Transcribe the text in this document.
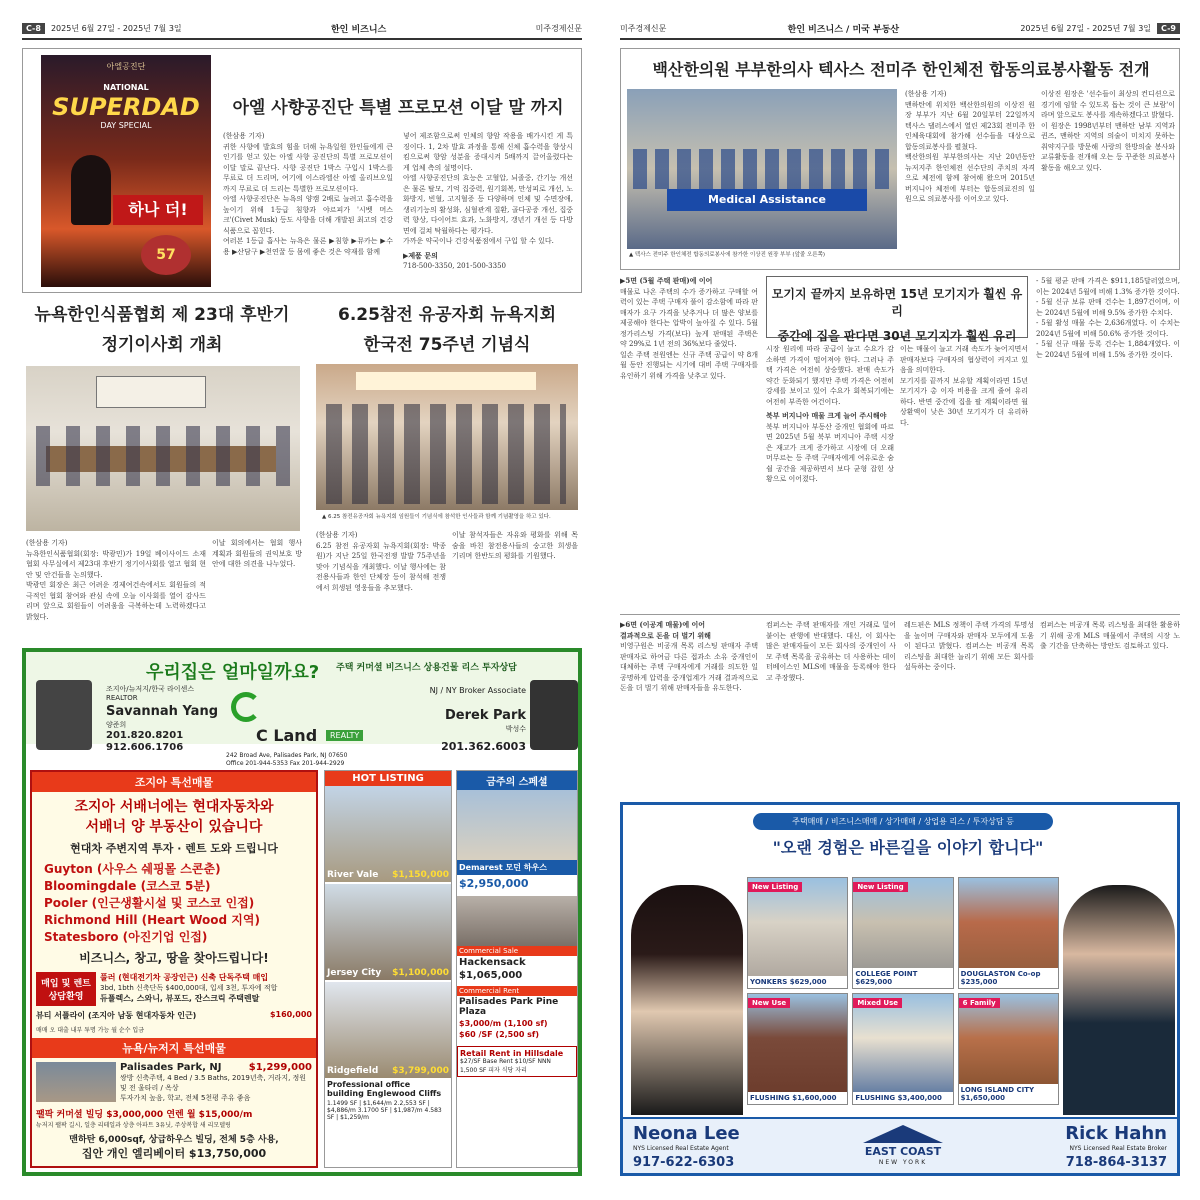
C-8	2025년 6월 27일 - 2025년 7월 3일	한인 비즈니스	미주경제신문
아엘공진단
NATIONAL
SUPERDAD
DAY SPECIAL
하나 더!
57
아엘 사향공진단 특별 프로모션 이달 말 까지

(한삼용 기자)

귀한 사향에 발효의 힘을 더해 뉴욕일원 한인들에게 큰 인기를 얻고 있는 아엘 사향 공진단의 특별 프로모션이 이달 말로 끝난다. 사향 공진단 1박스 구입시 1박스를 무료로 더 드리며, 여기에 이스라엘산 아엘 올리브오일까지 무료로 더 드리는 특별한 프로모션이다.

아엘 사향공진단은 뉴욕의 양캠 2배로 늘려고 흡수력을 높이기 위해 1등급 침향과 야르피가 '시벳 머스크'(Civet Musk) 등도 사향을 더해 개발된 최고의 건강식품으로 꼽힌다.

여러본 1등급 흡사는 뉴욕은 물론 ▶침향 ▶뮤카는 ▶수용 ▶산담구 ▶천연꿀 등 몸에 좋은 것은 약재를 함께

넣어 제조함으로써 인체의 향암 작용을 배가시킨 게 특징이다. 1, 2차 발효 과정을 통해 신체 흡수력을 향상시킴으로써 향암 성분을 증대시켜 5배까지 끌어올렸다는 게 업체 측의 설명이다.

아엘 사향공진단의 효능은 고혈압, 뇌졸중, 간기능 개선은 물론 탈모, 기억 집중력, 원기회복, 만성피로 개선, 노화방지, 빈혈, 고지혈증 등 다양하며 인체 및 수면장애, 생리기능의 활성화, 심혈관계 질환, 골다공증 개선, 집중력 향상, 다이어트 효과, 노화방지, 갱년기 개선 등 다방면에 걸쳐 탁월하다는 평가다.

가까운 약국이나 건강식품점에서 구입 할 수 있다.

▶제품 문의

718-500-3350, 201-500-3350

뉴욕한인식품협회 제 23대 후반기
정기이사회 개최

(한삼용 기자)

뉴욕한인식품협회(회장: 박광민)가 19일 베이사이드 소재 협회 사무실에서 제23대 후반기 정기이사회를 열고 협회 현안 및 안건들을 논의했다.

박광민 회장은 최근 어려운 경제여건속에서도 회원들의 적극적인 협회 참여와 관심 속에 오늘 이사회를 열어 감사드리며 앞으로 회원들이 어려움을 극복하는데 노력하겠다고 밝혔다.

이날 회의에서는 협회 행사 계획과 회원들의 권익보호 방안에 대한 의견을 나누었다.

6.25참전 유공자회 뉴욕지회
한국전 75주년 기념식
▲ 6.25 참전유공자회 뉴욕지회 임원들이 기념식에 참석한 인사들과 함께 기념촬영을 하고 있다.

(한삼용 기자)

6.25 참전 유공자회 뉴욕지회(회장: 박종원)가 지난 25일 한국전쟁 발발 75주년을 맞아 기념식을 개최했다. 이날 행사에는 참전용사들과 한인 단체장 등이 참석해 전쟁에서 희생된 영웅들을 추모했다.

이날 참석자들은 자유와 평화를 위해 목숨을 바친 참전용사들의 숭고한 희생을 기리며 한반도의 평화를 기원했다.

우리집은 얼마일까요?	주택 커머셜 비즈니스 상용건물 리스 투자상담
조지아/뉴저지/한국 라이센스 REALTOR
Savannah Yang
양준희
201.820.8201
912.606.1706
C Land	REALTY
242 Broad Ave, Palisades Park, NJ 07650
Office 201-944-5353 Fax 201-944-2929
NJ / NY Broker Associate
Derek Park
박성수
201.362.6003
조지아 특선매물
조지아 서배너에는 현대자동차와
서배너 양 부동산이 있습니다
현대차 주변지역 투자 · 렌트 도와 드립니다
Guyton (사우스 쉐핑몰 스콘춘)
Bloomingdale (코스코 5분)
Pooler (인근생활시설 및 코스코 인접)
Richmond Hill (Heart Wood 지역)
Statesboro (아진기업 인접)
비즈니스, 창고, 땅을 찾아드립니다!
매입 및 렌트 상담환영
풀러 (현대전기차 공장인근) 신축 단독주택 매입
3bd, 1bth 신축단독 $400,000대, 입세 3천, 투자에 적합
듀플렉스, 스와니, 뷰포드, 잔스크릭 주택렌탈
뷰티 서플라이 (조지아 남동 현대자동차 인근)	$160,000
매매 오 대출 내부 투명 가능 월 순수 입금
뉴욕/뉴저지 특선매물
Palisades Park, NJ	$1,299,000
쌍방 신축주택, 4 Bed / 3.5 Baths, 2019년축, 거라지, 정원 및 전 울타리 / 옥상
투자가치 높음, 학교, 전체 5천평 주유 좋음
팰팍 커머셜 빌딩 $3,000,000 연렌 월 $15,000/m
뉴저지 팰팍 길시, 일층 리테일과 상층 아파트 3유닛, 주상복합 새 리모델링
맨하탄 6,000sqf, 상급하우스 빌딩, 전체 5층 사용,
집안 개인 엘리베이터 $13,750,000
HOT LISTING
River Vale $1,150,000
Jersey City $1,100,000
Ridgefield $3,799,000
Professional office building Englewood Cliffs
1.1499 SF | $1,644/m 2.2,553 SF | $4,886/m 3.1700 SF | $1,987/m 4.583 SF | $1,259/m
금주의 스페셜
Demarest 모던 하우스
$2,950,000
Commercial Sale
Hackensack
$1,065,000
Commercial Rent
Palisades Park Pine Plaza
$3,000/m (1,100 sf)
$60 /SF (2,500 sf)
Retail Rent in Hillsdale
$27/SF Base Rent $10/SF NNN
1,500 SF 피자 식당 자리
미주경제신문	한인 비즈니스 / 미국 부동산	2025년 6월 27일 - 2025년 7월 3일	C-9
백산한의원 부부한의사 텍사스 전미주 한인체전 합동의료봉사활동 전개
Medical Assistance
▲ 텍사스 전미주 한인체전 합동의료봉사에 참가한 이상진 원장 부부 (앞줄 오른쪽)

(한삼용 기자)

맨하탄에 위치한 백산한의원의 이상진 원장 부부가 지난 6월 20일부터 22일까지 텍사스 댈러스에서 열린 제23회 전미주 한인체육대회에 참가해 선수들을 대상으로 합동의료봉사를 펼쳤다.

백산한의원 부부한의사는 지난 20년동안 뉴저지주 한인체전 선수단의 주치의 자격으로 체전에 함께 참여해 왔으며 2015년 버지니아 체전에 부터는 합동의료진의 일원으로 의료봉사를 이어오고 있다.

이상진 원장은 '선수들이 최상의 컨디션으로 경기에 임할 수 있도록 돕는 것이 큰 보람'이라며 앞으로도 봉사를 계속하겠다고 밝혔다.

이 원장은 1998년부터 맨하탄 남부 지역과 퀸즈, 맨하탄 지역의 의술이 미치지 못하는 취약지구를 방문해 사랑의 한방의술 봉사와 교류활동을 전개해 오는 등 꾸준한 의료봉사 활동을 해오고 있다.

▶5면 (5월 주택 판매)에 이어

매물로 나온 주택의 수가 증가하고 구매할 여력이 있는 주택 구매자 풀이 감소함에 따라 판매자가 요구 가격을 낮추거나 더 많은 양보를 제공해야 한다는 압박이 높아질 수 있다. 5월 정가리스팅 가격(보다) 높게 판매된 주택은 약 29%로 1년 전의 36%보다 줄었다.

일손 주택 전원엔는 신규 주택 공급이 약 8개월 동안 진행되는 시기에 대비 주택 구매자를 유인하기 위해 가격을 낮추고 있다.

모기지 끝까지 보유하면 15년 모기지가 훨씬 유리
중간에 집을 판다면 30년 모기지가 훨씬 유리

시장 원리에 따라 공급이 늘고 수요가 감소하면 가격이 떨어져야 한다. 그러나 주택 가격은 여전히 상승했다. 판매 속도가 약간 둔화되기 했지만 주택 가격은 여전히 강세를 보이고 있어 수요가 회복되기에는 여전히 부족한 여건이다.

북부 버지니아 매물 크게 늘어 주시해야

북부 버지니아 부동산 중개인 협회에 따르면 2025년 5월 북부 버지니아 주택 시장은 재고가 크게 증가하고 시장에 더 오래 머무르는 등 주택 구매자에게 여유로운 숨 쉴 공간을 제공하면서 보다 균형 잡힌 상황으로 이어졌다.

이는 매물이 늘고 거래 속도가 늦어지면서 판매자보다 구매자의 협상력이 커지고 있음을 의미한다.

모기지를 끝까지 보유할 계획이라면 15년 모기지가 총 이자 비용을 크게 줄여 유리하다. 반면 중간에 집을 팔 계획이라면 월 상환액이 낮은 30년 모기지가 더 유리하다.

- 5월 평균 판매 가격은 $911,185달러였으며, 이는 2024년 5월에 비해 1.3% 증가한 것이다.

- 5월 신규 보류 판매 건수는 1,897건이며, 이는 2024년 5월에 비해 9.5% 증가한 수치다.

- 5월 활성 매물 수는 2,636개였다. 이 수치는 2024년 5월에 비해 50.6% 증가한 것이다.

- 5월 신규 매물 등록 건수는 1,884개였다. 이는 2024년 5월에 비해 1.5% 증가한 것이다.

▶6면 (이공계 매물)에 이어

결과적으로 돈을 더 벌기 위해

비영구원은 비공개 목록 리스팅 판매자 주택 판매자로 하여금 다른 접과소 소유 중개인이 대체하는 주택 구매자에게 거래를 의도한 일 공명하게 압력을 중개업계가 거래 결과적으로 돈을 더 벌기 위해 판매자들을 유도한다.

컴퍼스는 주택 판매자를 개인 거래로 밀어붙이는 관행에 반대했다. 대신, 이 회사는 많은 판매자들이 모든 회사의 중개인이 사모 주택 목록을 공유하는 더 사용하는 데이터베이스인 MLS에 매물을 등록해야 한다고 주장했다.

레드핀은 MLS 정책이 주택 가격의 투명성을 높이며 구매자와 판매자 모두에게 도움이 된다고 밝혔다. 컴퍼스는 비공개 목록 리스팅을 최대한 늘리기 위해 모든 회사를 설득하는 중이다.

컴퍼스는 비공개 목록 리스팅을 최대한 활용하기 위해 공개 MLS 매물에서 주택의 시장 노출 기간을 단축하는 방안도 검토하고 있다.

주택매매 / 비즈니스매매 / 상가매매 / 상업용 리스 / 투자상담 등
"오랜 경험은 바른길을 이야기 합니다"
New Listing
YONKERS $629,000
New Listing
COLLEGE POINT $629,000
DOUGLASTON Co-op $235,000
New Use
FLUSHING $1,600,000
Mixed Use
FLUSHING $3,400,000
6 Family
LONG ISLAND CITY $1,650,000
Neona Lee
NYS Licensed Real Estate Agent
917-622-6303
EAST COAST
NEW YORK
Rick Hahn
NYS Licensed Real Estate Broker
718-864-3137
